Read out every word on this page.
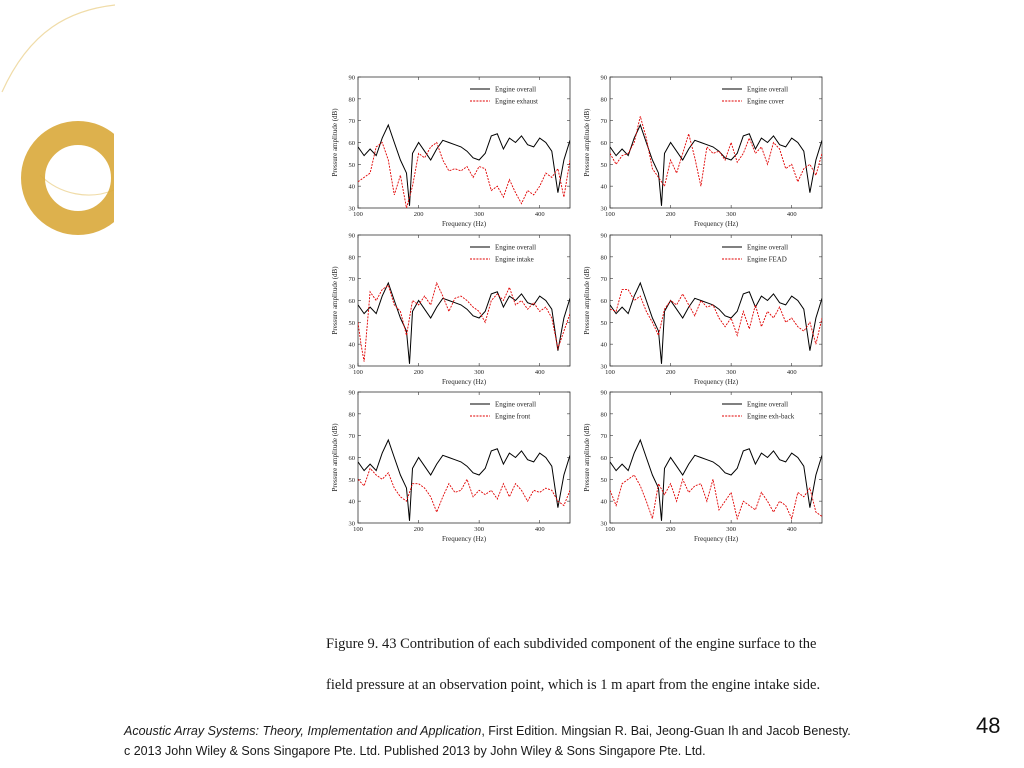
30
40
50
60
70
80
90
100	200	300	400
Frequency (Hz)
Pressure amplitude (dB)
Engine overall
Engine exhaust
30
40
50
60
70
80
90
100	200	300	400
Frequency (Hz)
Pressure amplitude (dB)
Engine overall
Engine cover
30
40
50
60
70
80
90
100	200	300	400
Frequency (Hz)
Pressure amplitude (dB)
Engine overall
Engine intake
30
40
50
60
70
80
90
100	200	300	400
Frequency (Hz)
Pressure amplitude (dB)
Engine overall
Engine FEAD
30
40
50
60
70
80
90
100	200	300	400
Frequency (Hz)
Pressure amplitude (dB)
Engine overall
Engine front
30
40
50
60
70
80
90
100	200	300	400
Frequency (Hz)
Pressure amplitude (dB)
Engine overall
Engine exh-back
Figure 9. 43 Contribution of each subdivided component of the engine surface to the
field pressure at an observation point, which is 1 m apart from the engine intake side.
Acoustic Array Systems: Theory, Implementation and Application, First Edition. Mingsian R. Bai, Jeong-Guan Ih and Jacob Benesty.
c 2013 John Wiley & Sons Singapore Pte. Ltd. Published 2013 by John Wiley & Sons Singapore Pte. Ltd.
48
